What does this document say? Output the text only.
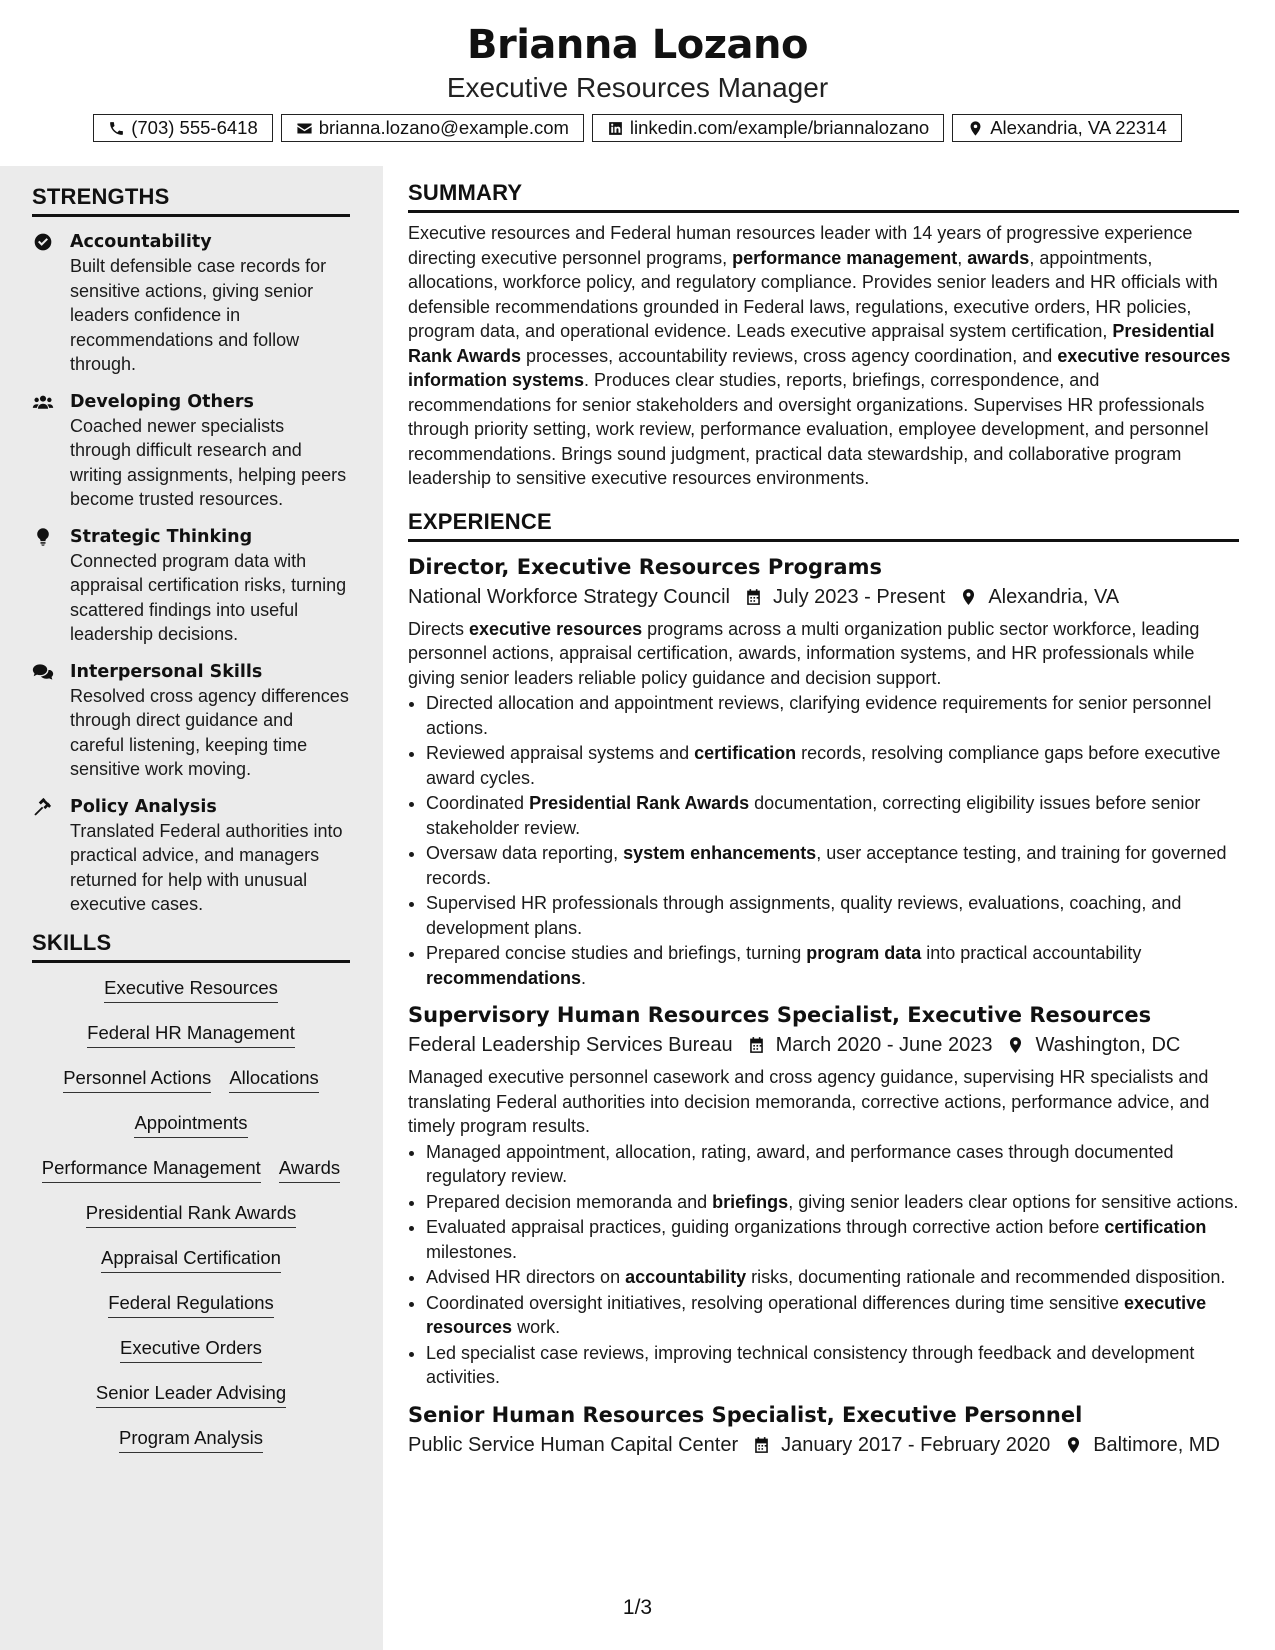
Brianna Lozano
Executive Resources Manager
(703) 555-6418	brianna.lozano@example.com	linkedin.com/example/briannalozano	Alexandria, VA 22314
STRENGTHS
Accountability
Built defensible case records for sensitive actions, giving senior leaders confidence in recommendations and follow through.
Developing Others
Coached newer specialists through difficult research and writing assignments, helping peers become trusted resources.
Strategic Thinking
Connected program data with appraisal certification risks, turning scattered findings into useful leadership decisions.
Interpersonal Skills
Resolved cross agency differences through direct guidance and careful listening, keeping time sensitive work moving.
Policy Analysis
Translated Federal authorities into practical advice, and managers returned for help with unusual executive cases.
SKILLS
Executive Resources
Federal HR Management
Personnel Actions Allocations
Appointments
Performance Management Awards
Presidential Rank Awards
Appraisal Certification
Federal Regulations
Executive Orders
Senior Leader Advising
Program Analysis
SUMMARY
Executive resources and Federal human resources leader with 14 years of progressive experience directing executive personnel programs, performance management, awards, appointments, allocations, workforce policy, and regulatory compliance. Provides senior leaders and HR officials with defensible recommendations grounded in Federal laws, regulations, executive orders, HR policies, program data, and operational evidence. Leads executive appraisal system certification, Presidential Rank Awards processes, accountability reviews, cross agency coordination, and executive resources information systems. Produces clear studies, reports, briefings, correspondence, and recommendations for senior stakeholders and oversight organizations. Supervises HR professionals through priority setting, work review, performance evaluation, employee development, and personnel recommendations. Brings sound judgment, practical data stewardship, and collaborative program leadership to sensitive executive resources environments.
EXPERIENCE
Director, Executive Resources Programs
National Workforce Strategy Council July 2023 - Present Alexandria, VA
Directs executive resources programs across a multi organization public sector workforce, leading personnel actions, appraisal certification, awards, information systems, and HR professionals while giving senior leaders reliable policy guidance and decision support.
• Directed allocation and appointment reviews, clarifying evidence requirements for senior personnel actions.
• Reviewed appraisal systems and certification records, resolving compliance gaps before executive award cycles.
• Coordinated Presidential Rank Awards documentation, correcting eligibility issues before senior stakeholder review.
• Oversaw data reporting, system enhancements, user acceptance testing, and training for governed records.
• Supervised HR professionals through assignments, quality reviews, evaluations, coaching, and development plans.
• Prepared concise studies and briefings, turning program data into practical accountability recommendations.
Supervisory Human Resources Specialist, Executive Resources
Federal Leadership Services Bureau March 2020 - June 2023 Washington, DC
Managed executive personnel casework and cross agency guidance, supervising HR specialists and translating Federal authorities into decision memoranda, corrective actions, performance advice, and timely program results.
• Managed appointment, allocation, rating, award, and performance cases through documented regulatory review.
• Prepared decision memoranda and briefings, giving senior leaders clear options for sensitive actions.
• Evaluated appraisal practices, guiding organizations through corrective action before certification milestones.
• Advised HR directors on accountability risks, documenting rationale and recommended disposition.
• Coordinated oversight initiatives, resolving operational differences during time sensitive executive resources work.
• Led specialist case reviews, improving technical consistency through feedback and development activities.
Senior Human Resources Specialist, Executive Personnel
Public Service Human Capital Center January 2017 - February 2020 Baltimore, MD
1/3
